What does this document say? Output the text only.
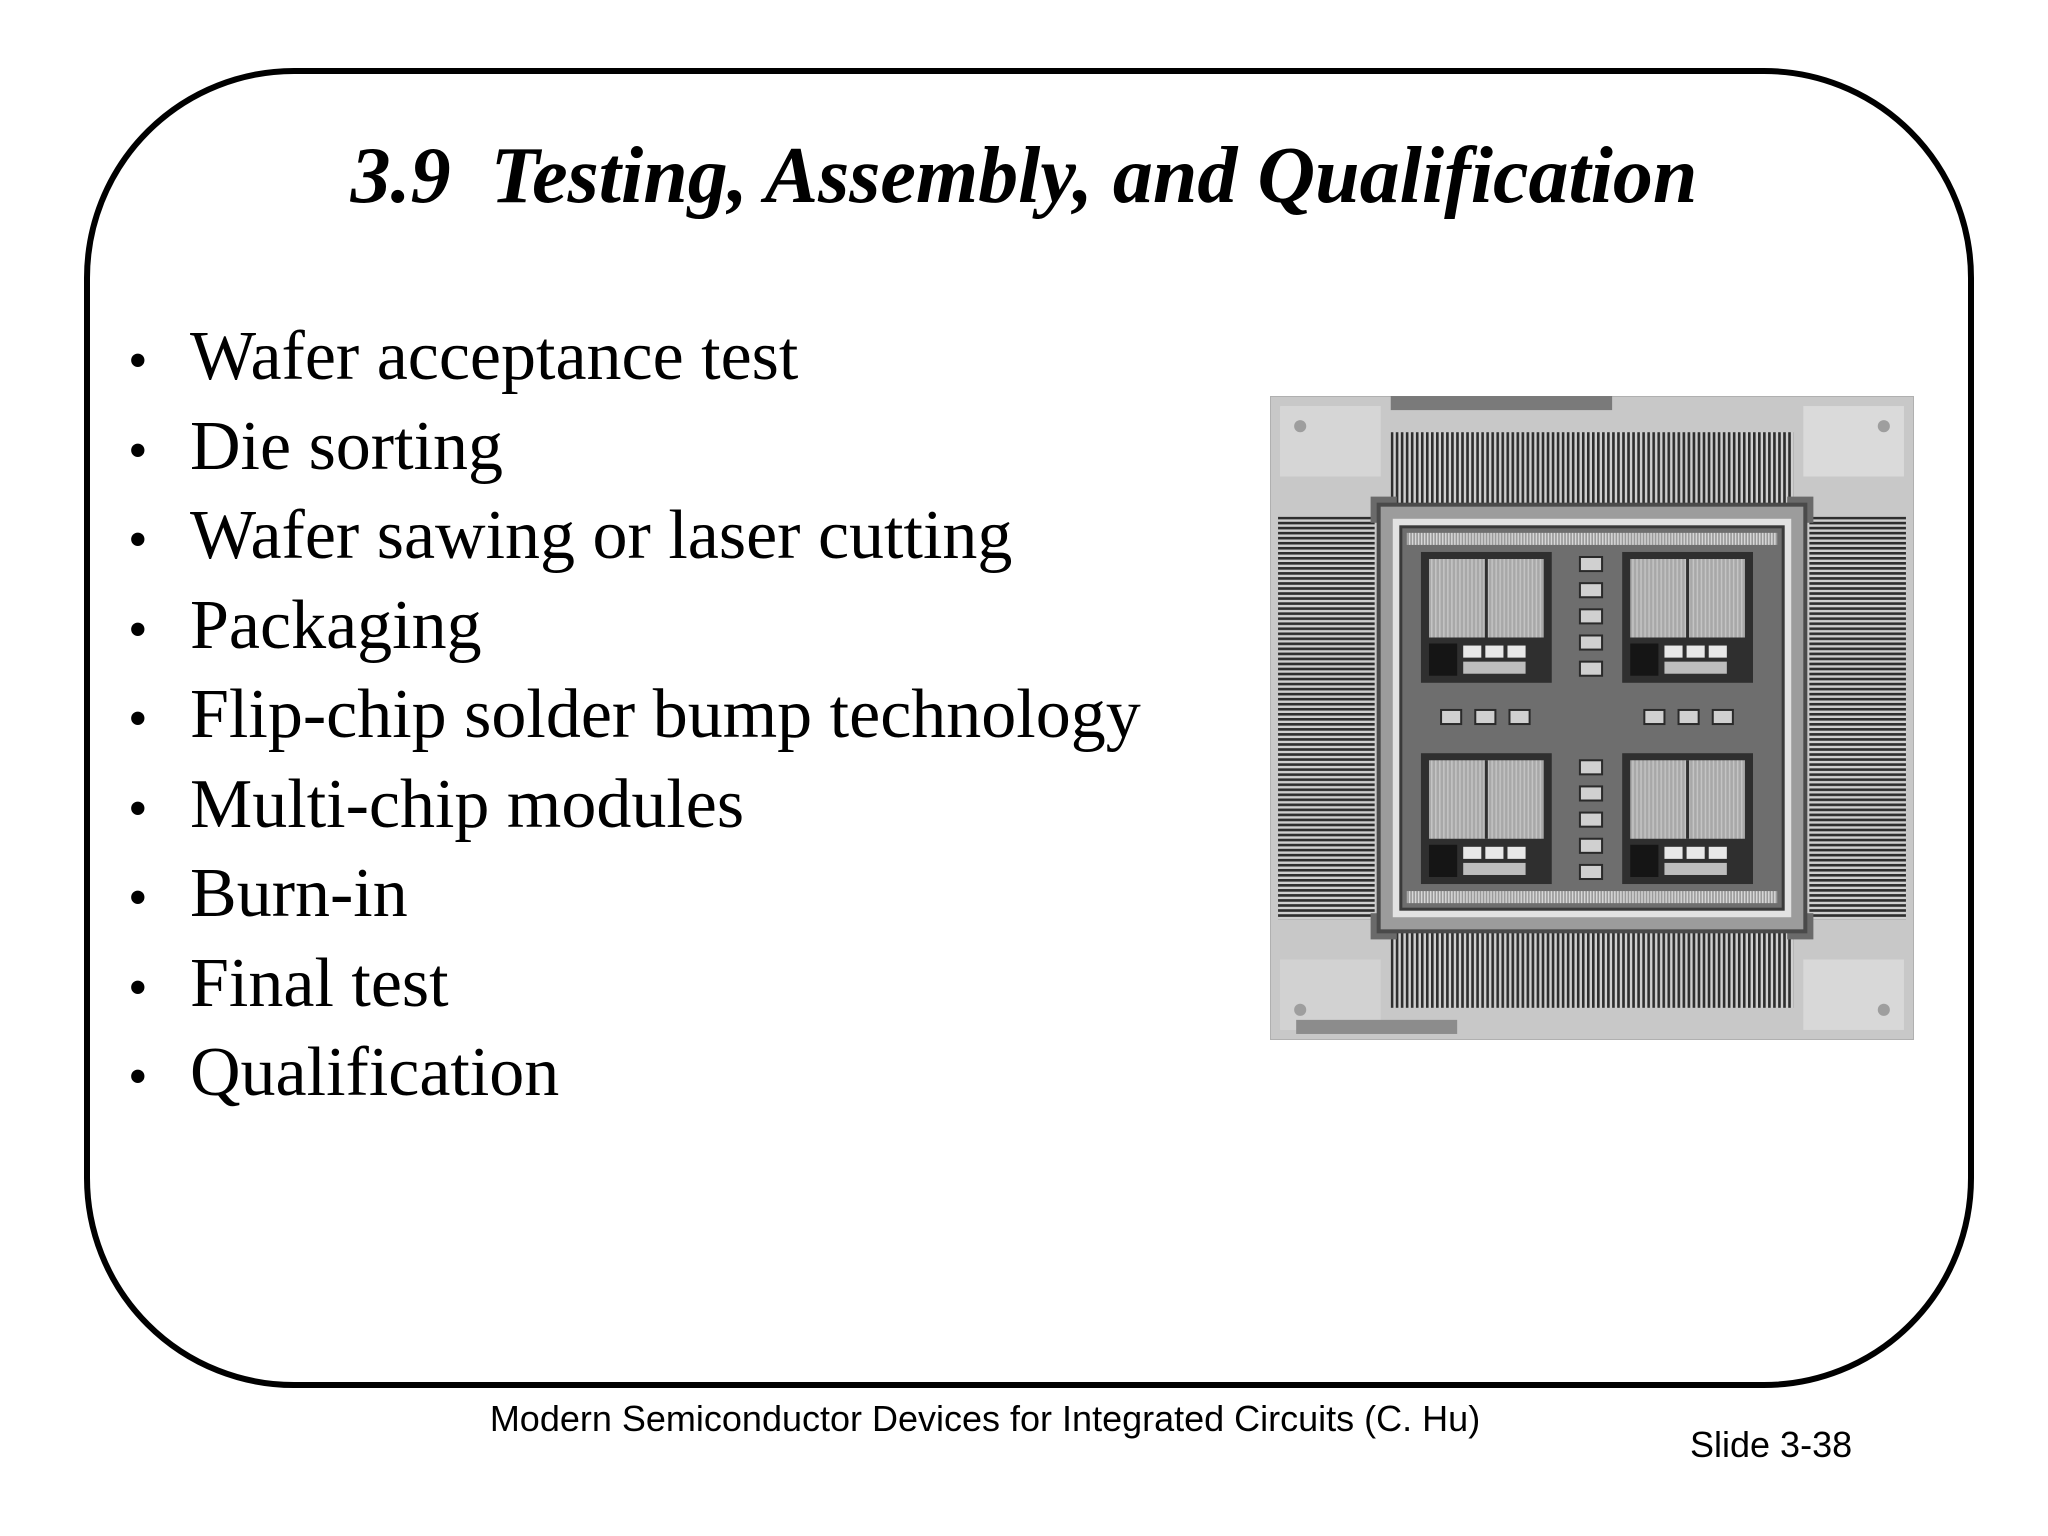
3.9  Testing, Assembly, and Qualification
• Wafer acceptance test
• Die sorting
• Wafer sawing or laser cutting
• Packaging
• Flip-chip solder bump technology
• Multi-chip modules
• Burn-in
• Final test
• Qualification
Modern Semiconductor Devices for Integrated Circuits (C. Hu)
Slide 3-38
